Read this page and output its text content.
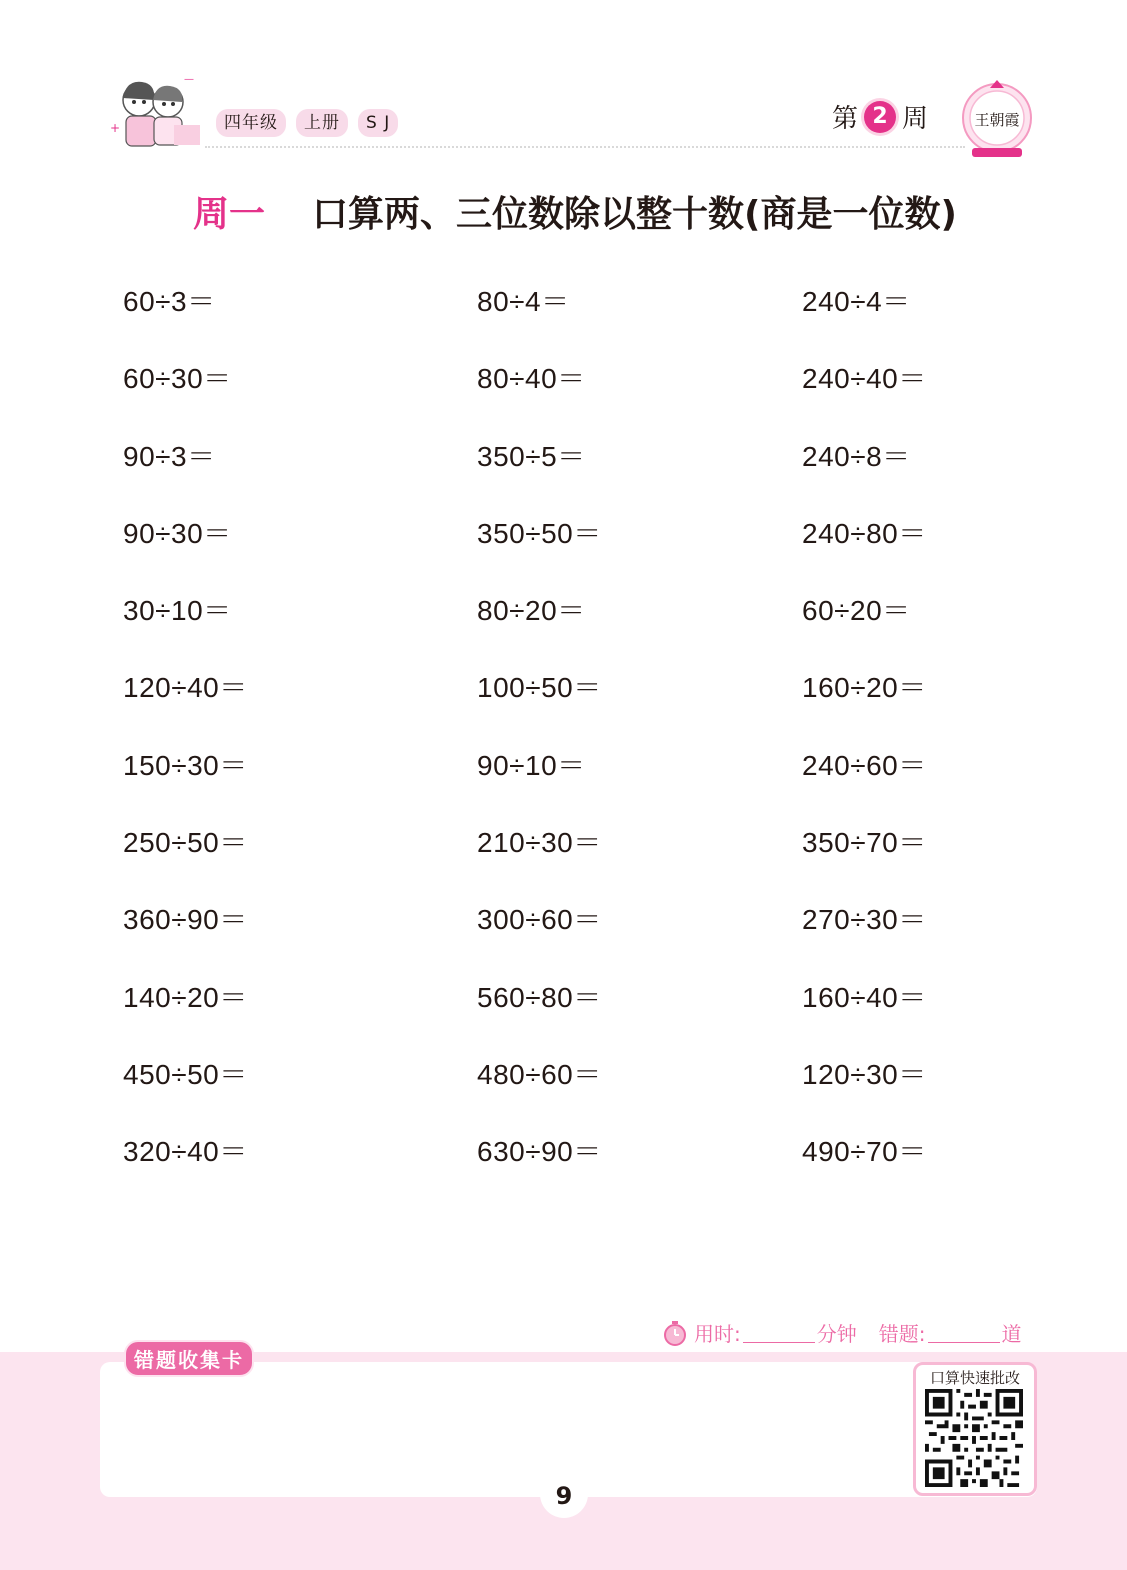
+
—
四年级	上册	S J	第 2 周	王朝霞
周一 口算两、三位数除以整十数(商是一位数)
60÷3＝	80÷4＝	240÷4＝
60÷30＝	80÷40＝	240÷40＝
90÷3＝	350÷5＝	240÷8＝
90÷30＝	350÷50＝	240÷80＝
30÷10＝	80÷20＝	60÷20＝
120÷40＝	100÷50＝	160÷20＝
150÷30＝	90÷10＝	240÷60＝
250÷50＝	210÷30＝	350÷70＝
360÷90＝	300÷60＝	270÷30＝
140÷20＝	560÷80＝	160÷40＝
450÷50＝	480÷60＝	120÷30＝
320÷40＝	630÷90＝	490÷70＝
用时:	分钟 错题:	道
错题收集卡
口算快速批改
9
